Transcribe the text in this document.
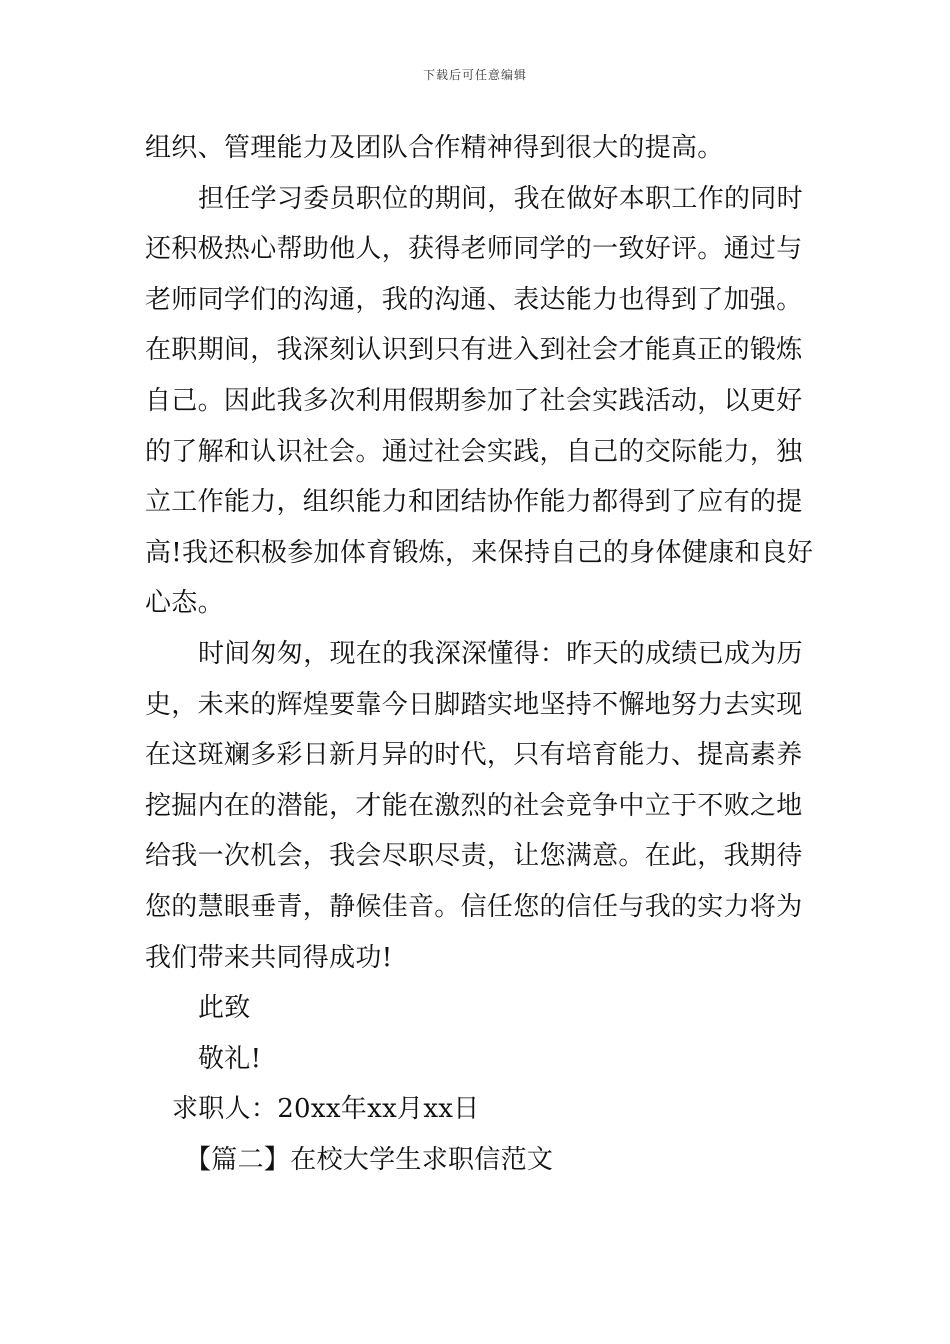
下载后可任意编辑
组织、管理能力及团队合作精神得到很大的提高。
担任学习委员职位的期间，我在做好本职工作的同时
还积极热心帮助他人，获得老师同学的一致好评。通过与
老师同学们的沟通，我的沟通、表达能力也得到了加强。
在职期间，我深刻认识到只有进入到社会才能真正的锻炼
自己。因此我多次利用假期参加了社会实践活动，以更好
的了解和认识社会。通过社会实践，自己的交际能力，独
立工作能力，组织能力和团结协作能力都得到了应有的提
高!我还积极参加体育锻炼，来保持自己的身体健康和良好
心态。
时间匆匆，现在的我深深懂得：昨天的成绩已成为历
史，未来的辉煌要靠今日脚踏实地坚持不懈地努力去实现
在这斑斓多彩日新月异的时代，只有培育能力、提高素养
挖掘内在的潜能，才能在激烈的社会竞争中立于不败之地
给我一次机会，我会尽职尽责，让您满意。在此，我期待
您的慧眼垂青，静候佳音。信任您的信任与我的实力将为
我们带来共同得成功!
此致
敬礼!
求职人：20xx年xx月xx日
【篇二】在校大学生求职信范文
